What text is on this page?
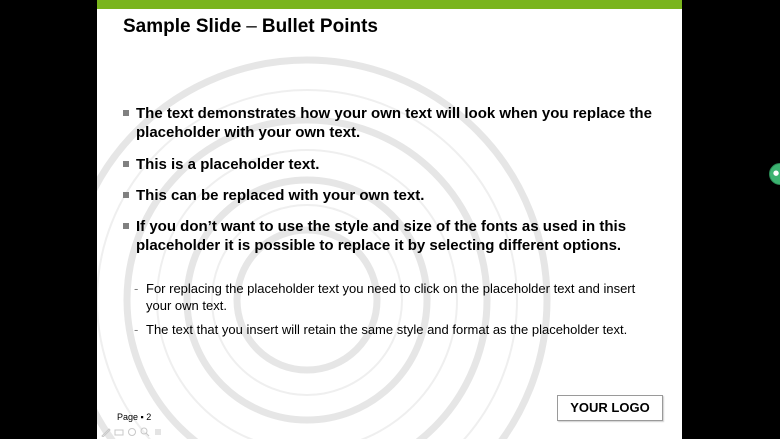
Sample Slide – Bullet Points
The text demonstrates how your own text will look when you replace the placeholder with your own text.
This is a placeholder text.
This can be replaced with your own text.
If you don’t want to use the style and size of the fonts as used in this placeholder it is possible to replace it by selecting different options.
- For replacing the placeholder text you need to click on the placeholder text and insert your own text.
- The text that you insert will retain the same style and format as the placeholder text.
Page ▪ 2
YOUR LOGO
●
